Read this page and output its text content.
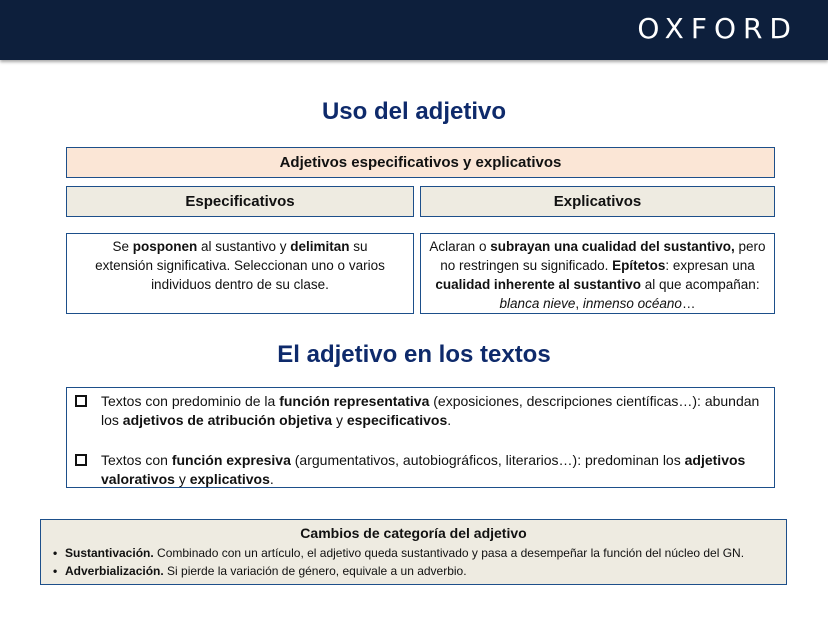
OXFORD
Uso del adjetivo
Adjetivos especificativos y explicativos
Especificativos	Explicativos
Se posponen al sustantivo y delimitan su extensión significativa. Seleccionan uno o varios individuos dentro de su clase.
Aclaran o subrayan una cualidad del sustantivo, pero no restringen su significado. Epítetos: expresan una cualidad inherente al sustantivo al que acompañan: blanca nieve, inmenso océano…
El adjetivo en los textos
Textos con predominio de la función representativa (exposiciones, descripciones científicas…): abundan los adjetivos de atribución objetiva y especificativos.
Textos con función expresiva (argumentativos, autobiográficos, literarios…): predominan los adjetivos valorativos y explicativos.
Cambios de categoría del adjetivo
• Sustantivación. Combinado con un artículo, el adjetivo queda sustantivado y pasa a desempeñar la función del núcleo del GN.
• Adverbialización. Si pierde la variación de género, equivale a un adverbio.
